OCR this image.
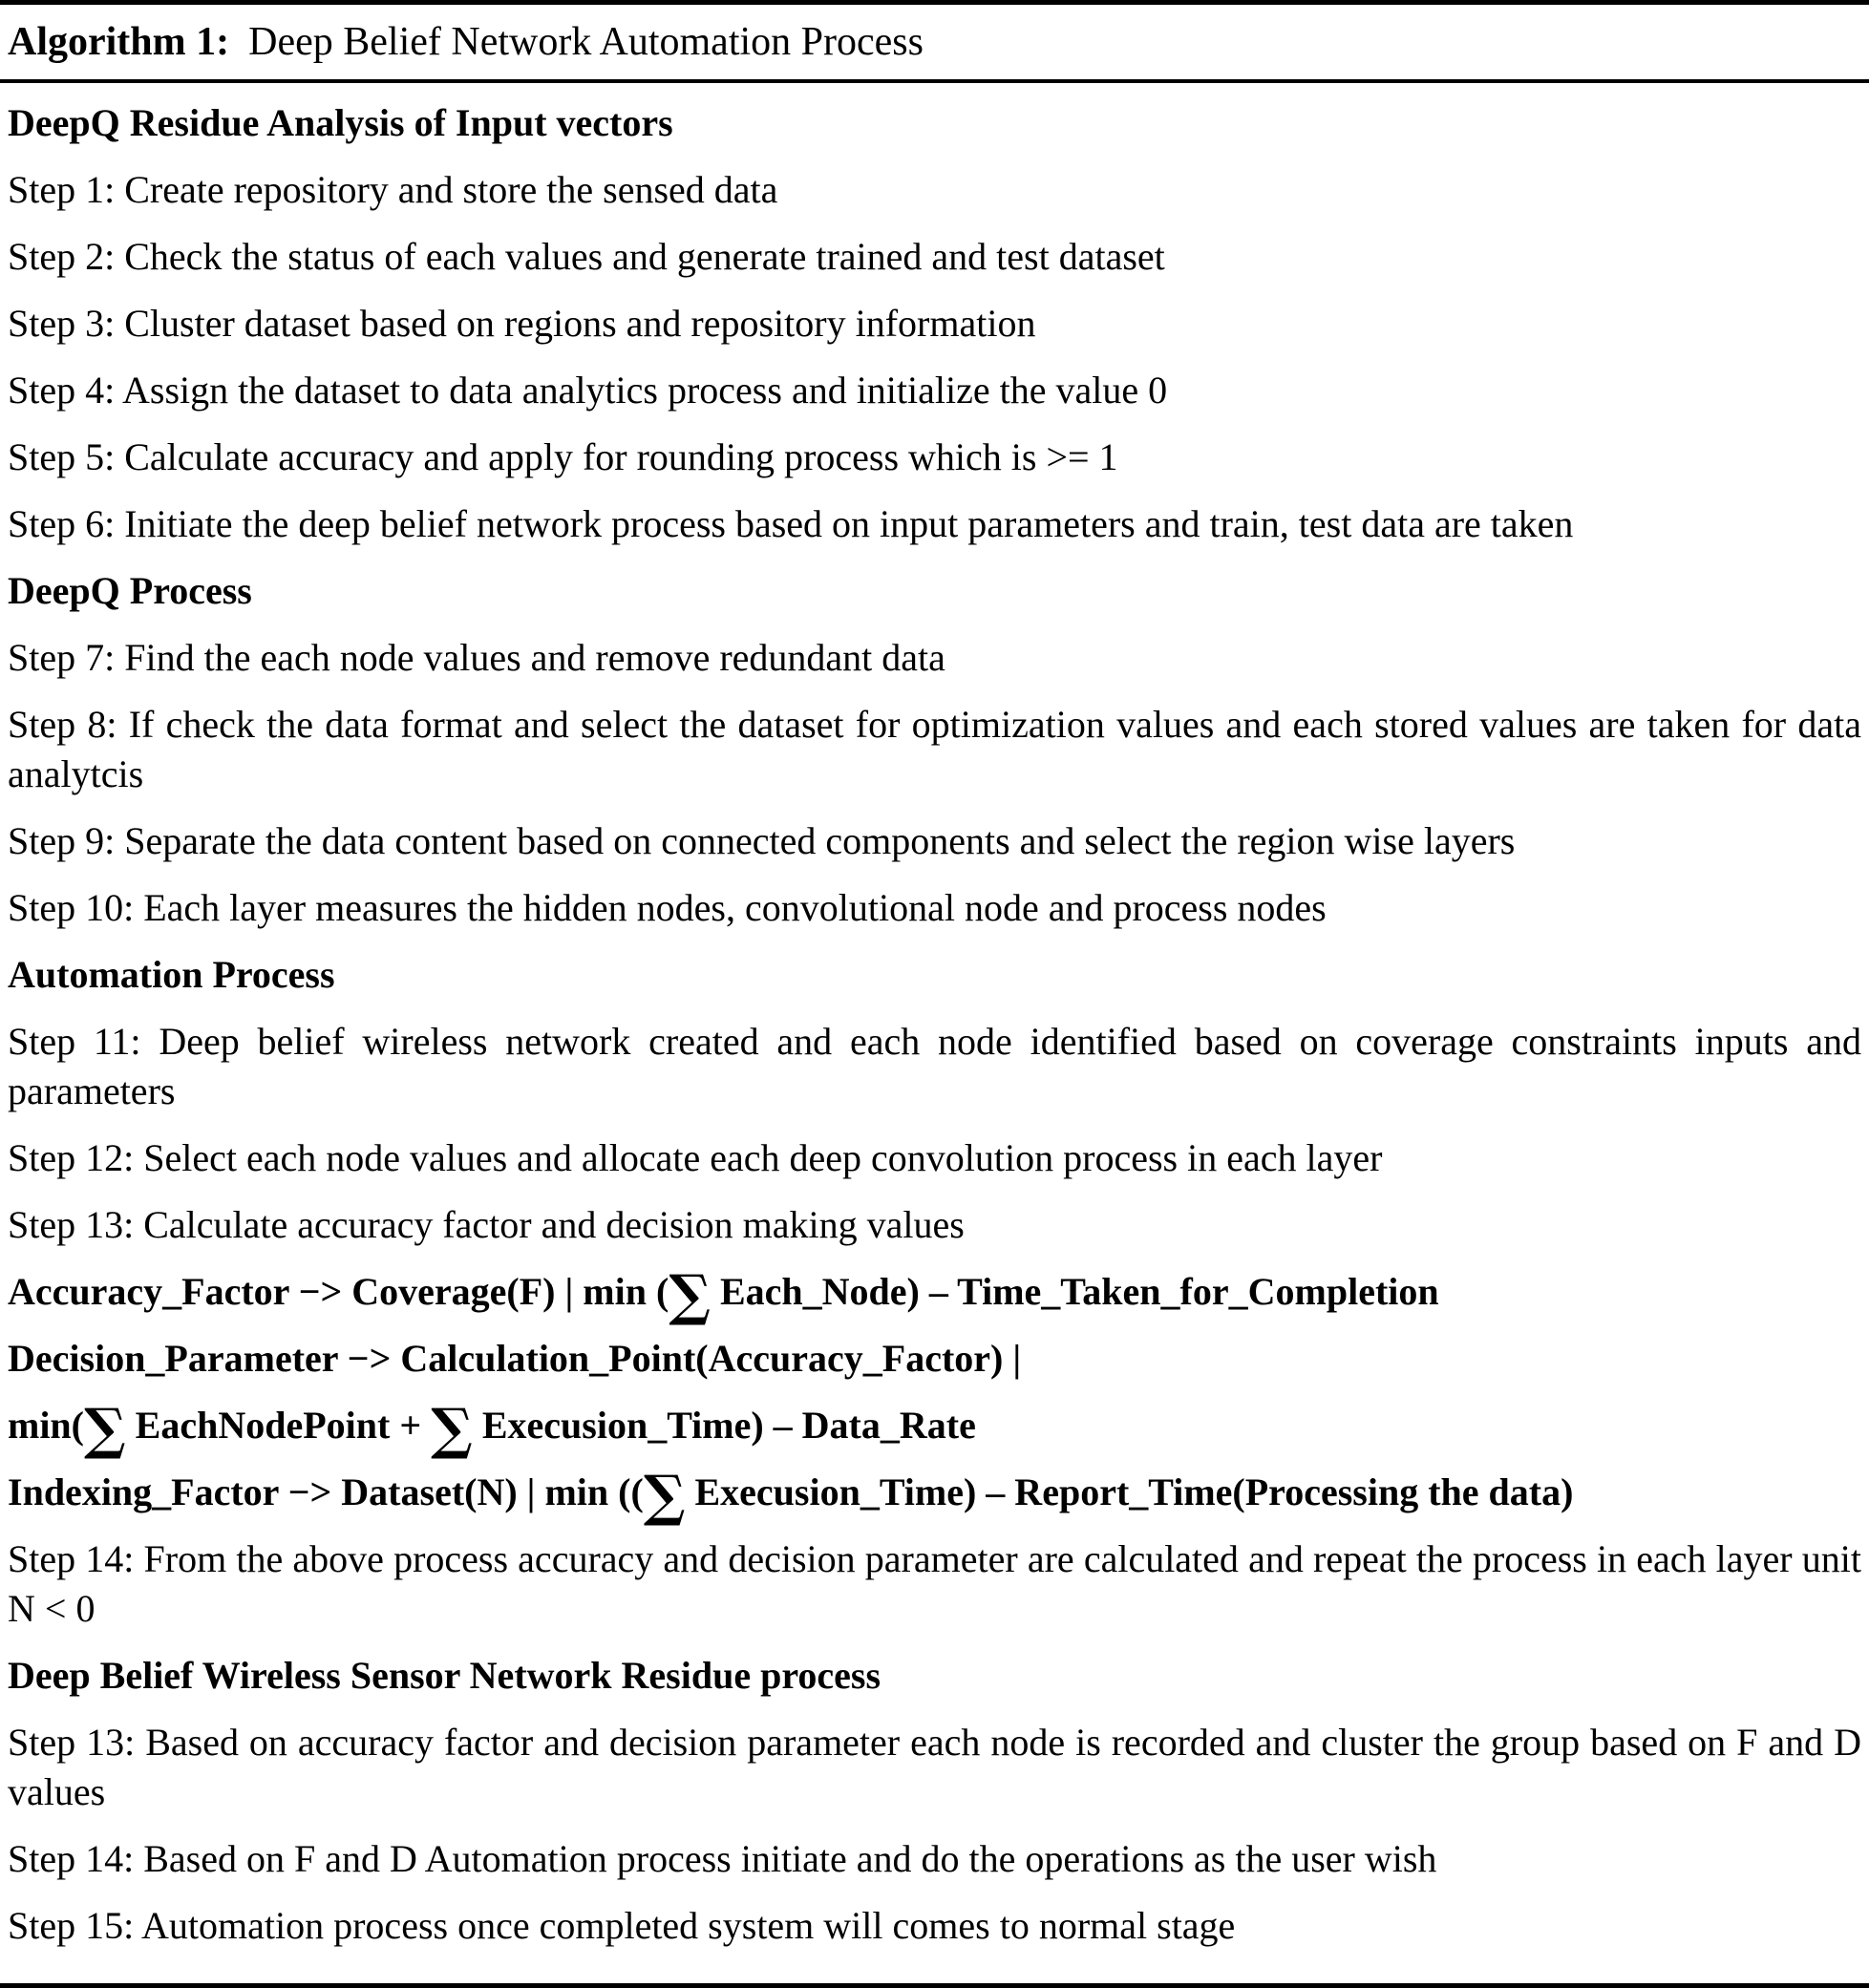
Algorithm 1: Deep Belief Network Automation Process

DeepQ Residue Analysis of Input vectors

Step 1: Create repository and store the sensed data

Step 2: Check the status of each values and generate trained and test dataset

Step 3: Cluster dataset based on regions and repository information

Step 4: Assign the dataset to data analytics process and initialize the value 0

Step 5: Calculate accuracy and apply for rounding process which is >= 1

Step 6: Initiate the deep belief network process based on input parameters and train, test data are taken

DeepQ Process

Step 7: Find the each node values and remove redundant data

Step 8: If check the data format and select the dataset for optimization values and each stored values are taken for data analytcis

Step 9: Separate the data content based on connected components and select the region wise layers

Step 10: Each layer measures the hidden nodes, convolutional node and process nodes

Automation Process

Step 11: Deep belief wireless network created and each node identified based on coverage constraints inputs and parameters

Step 12: Select each node values and allocate each deep convolution process in each layer

Step 13: Calculate accuracy factor and decision making values

Accuracy_Factor −> Coverage(F) | min (∑ Each_Node) – Time_Taken_for_Completion

Decision_Parameter −> Calculation_Point(Accuracy_Factor) |

min(∑ EachNodePoint + ∑ Execusion_Time) – Data_Rate

Indexing_Factor −> Dataset(N) | min ((∑ Execusion_Time) – Report_Time(Processing the data)

Step 14: From the above process accuracy and decision parameter are calculated and repeat the process in each layer unit N < 0

Deep Belief Wireless Sensor Network Residue process

Step 13: Based on accuracy factor and decision parameter each node is recorded and cluster the group based on F and D values

Step 14: Based on F and D Automation process initiate and do the operations as the user wish

Step 15: Automation process once completed system will comes to normal stage
